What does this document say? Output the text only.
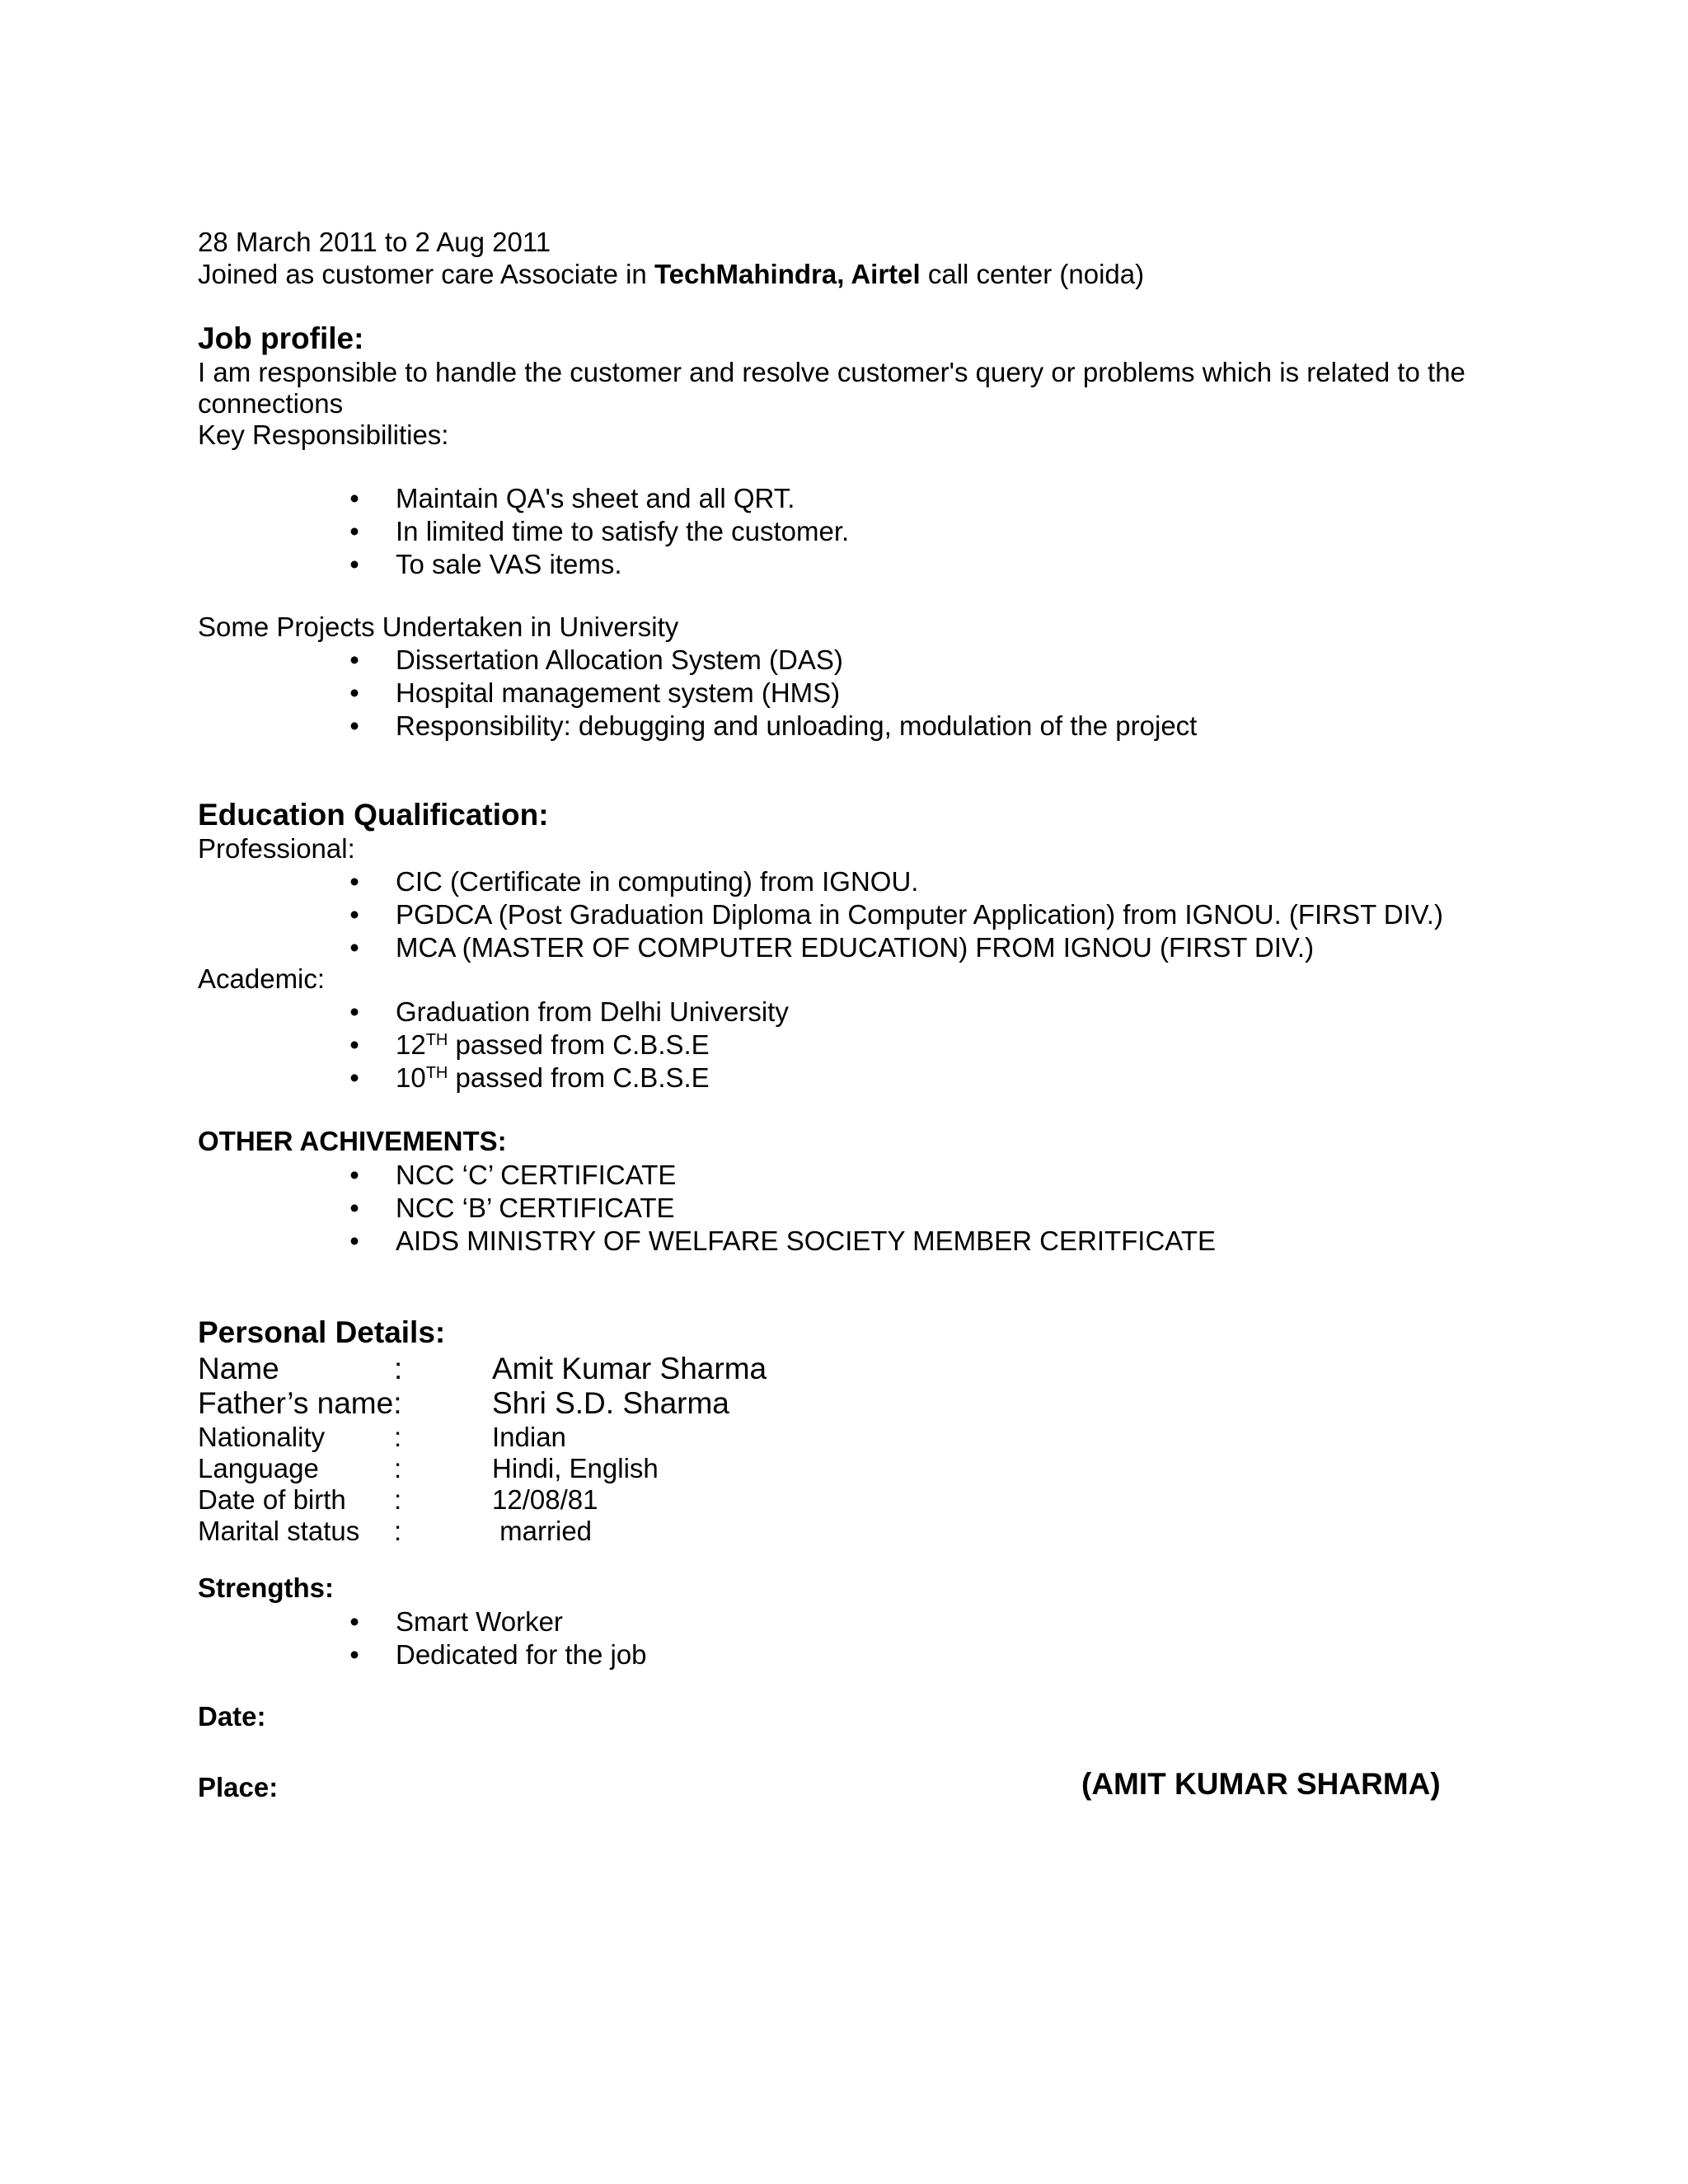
28 March 2011 to 2 Aug 2011
Joined as customer care Associate in TechMahindra, Airtel call center (noida)
Job profile:
I am responsible to handle the customer and resolve customer's query or problems which is related to the
connections
Key Responsibilities:
• Maintain QA's sheet and all QRT.
• In limited time to satisfy the customer.
• To sale VAS items.
Some Projects Undertaken in University
• Dissertation Allocation System (DAS)
• Hospital management system (HMS)
• Responsibility: debugging and unloading, modulation of the project
Education Qualification:
Professional:
• CIC (Certificate in computing) from IGNOU.
• PGDCA (Post Graduation Diploma in Computer Application) from IGNOU. (FIRST DIV.)
• MCA (MASTER OF COMPUTER EDUCATION) FROM IGNOU (FIRST DIV.)
Academic:
• Graduation from Delhi University
• 12TH passed from C.B.S.E
• 10TH passed from C.B.S.E
OTHER ACHIVEMENTS:
• NCC ‘C’ CERTIFICATE
• NCC ‘B’ CERTIFICATE
• AIDS MINISTRY OF WELFARE SOCIETY MEMBER CERITFICATE
Personal Details:
Name	:	Amit Kumar Sharma
Father’s name:	Shri S.D. Sharma
Nationality	:	Indian
Language	:	Hindi, English
Date of birth :	12/08/81
Marital status :	married
Strengths:
• Smart Worker
• Dedicated for the job
Date:
Place:	(AMIT KUMAR SHARMA)
